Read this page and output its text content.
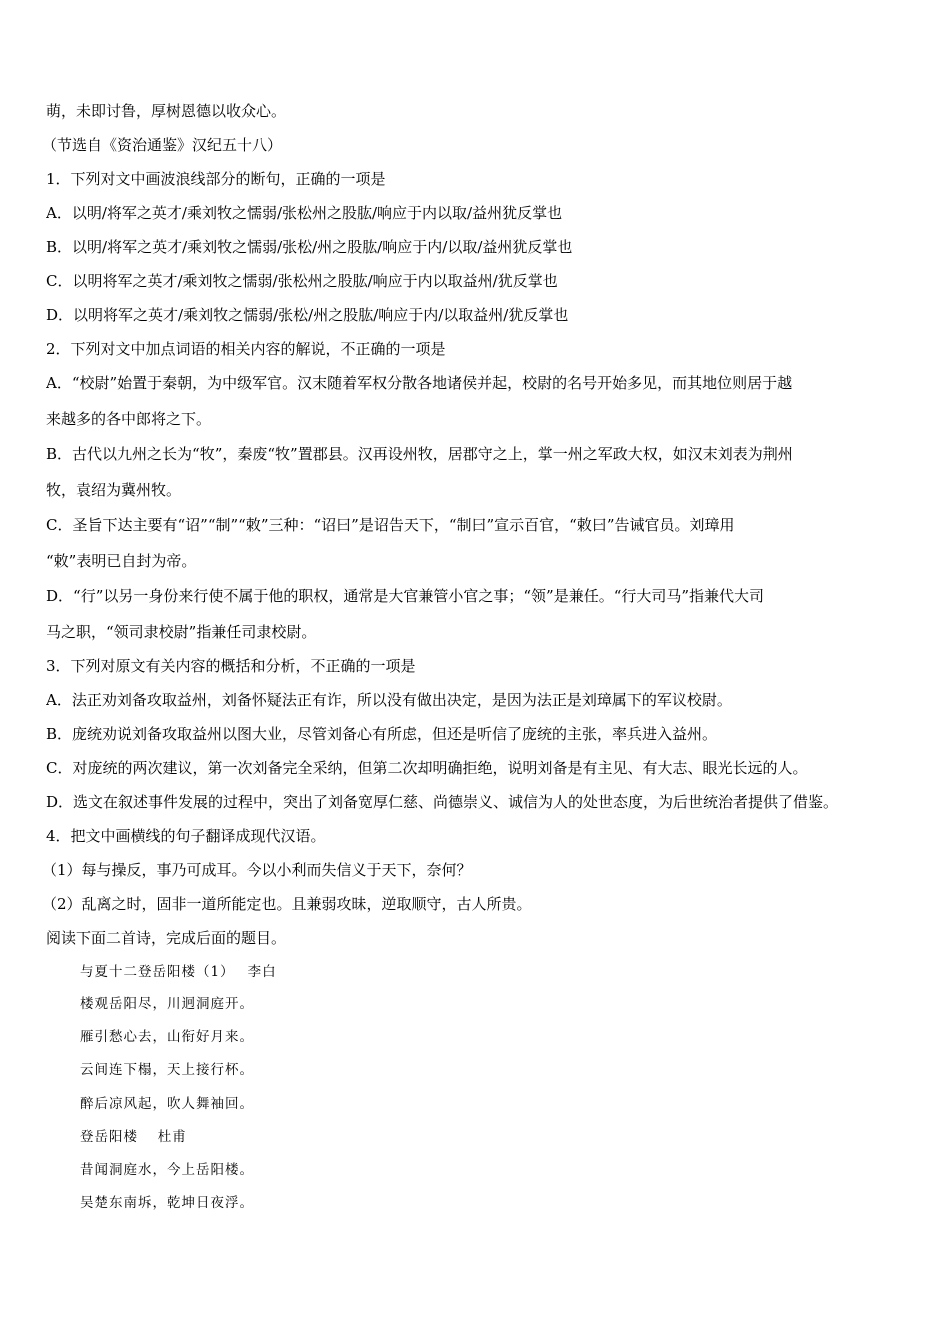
萌，未即讨鲁，厚树恩德以收众心。
（节选自《资治通鉴》汉纪五十八）
1．下列对文中画波浪线部分的断句，正确的一项是
A．以明/将军之英才/乘刘牧之懦弱/张松州之股肱/响应于内以取/益州犹反掌也
B．以明/将军之英才/乘刘牧之懦弱/张松/州之股肱/响应于内/以取/益州犹反掌也
C．以明将军之英才/乘刘牧之懦弱/张松州之股肱/响应于内以取益州/犹反掌也
D．以明将军之英才/乘刘牧之懦弱/张松/州之股肱/响应于内/以取益州/犹反掌也
2．下列对文中加点词语的相关内容的解说，不正确的一项是
A．“校尉”始置于秦朝，为中级军官。汉末随着军权分散各地诸侯并起，校尉的名号开始多见，而其地位则居于越
来越多的各中郎将之下。
B．古代以九州之长为“牧”，秦废“牧”置郡县。汉再设州牧，居郡守之上，掌一州之军政大权，如汉末刘表为荆州
牧，袁绍为冀州牧。
C．圣旨下达主要有“诏”“制”“敕”三种：“诏曰”是诏告天下，“制曰”宣示百官，“敕曰”告诫官员。刘璋用
“敕”表明已自封为帝。
D．“行”以另一身份来行使不属于他的职权，通常是大官兼管小官之事；“领”是兼任。“行大司马”指兼代大司
马之职，“领司隶校尉”指兼任司隶校尉。
3．下列对原文有关内容的概括和分析，不正确的一项是
A．法正劝刘备攻取益州，刘备怀疑法正有诈，所以没有做出决定，是因为法正是刘璋属下的军议校尉。
B．庞统劝说刘备攻取益州以图大业，尽管刘备心有所虑，但还是听信了庞统的主张，率兵进入益州。
C．对庞统的两次建议，第一次刘备完全采纳，但第二次却明确拒绝，说明刘备是有主见、有大志、眼光长远的人。
D．选文在叙述事件发展的过程中，突出了刘备宽厚仁慈、尚德崇义、诚信为人的处世态度，为后世统治者提供了借鉴。
4．把文中画横线的句子翻译成现代汉语。
（1）每与操反，事乃可成耳。今以小利而失信义于天下，奈何？
（2）乱离之时，固非一道所能定也。且兼弱攻昧，逆取顺守，古人所贵。
阅读下面二首诗，完成后面的题目。
与夏十二登岳阳楼（1）　 李白
楼观岳阳尽，川迥洞庭开。
雁引愁心去，山衔好月来。
云间连下榻，天上接行杯。
醉后凉风起，吹人舞袖回。
登岳阳楼　 杜甫
昔闻洞庭水，今上岳阳楼。
吴楚东南坼，乾坤日夜浮。
